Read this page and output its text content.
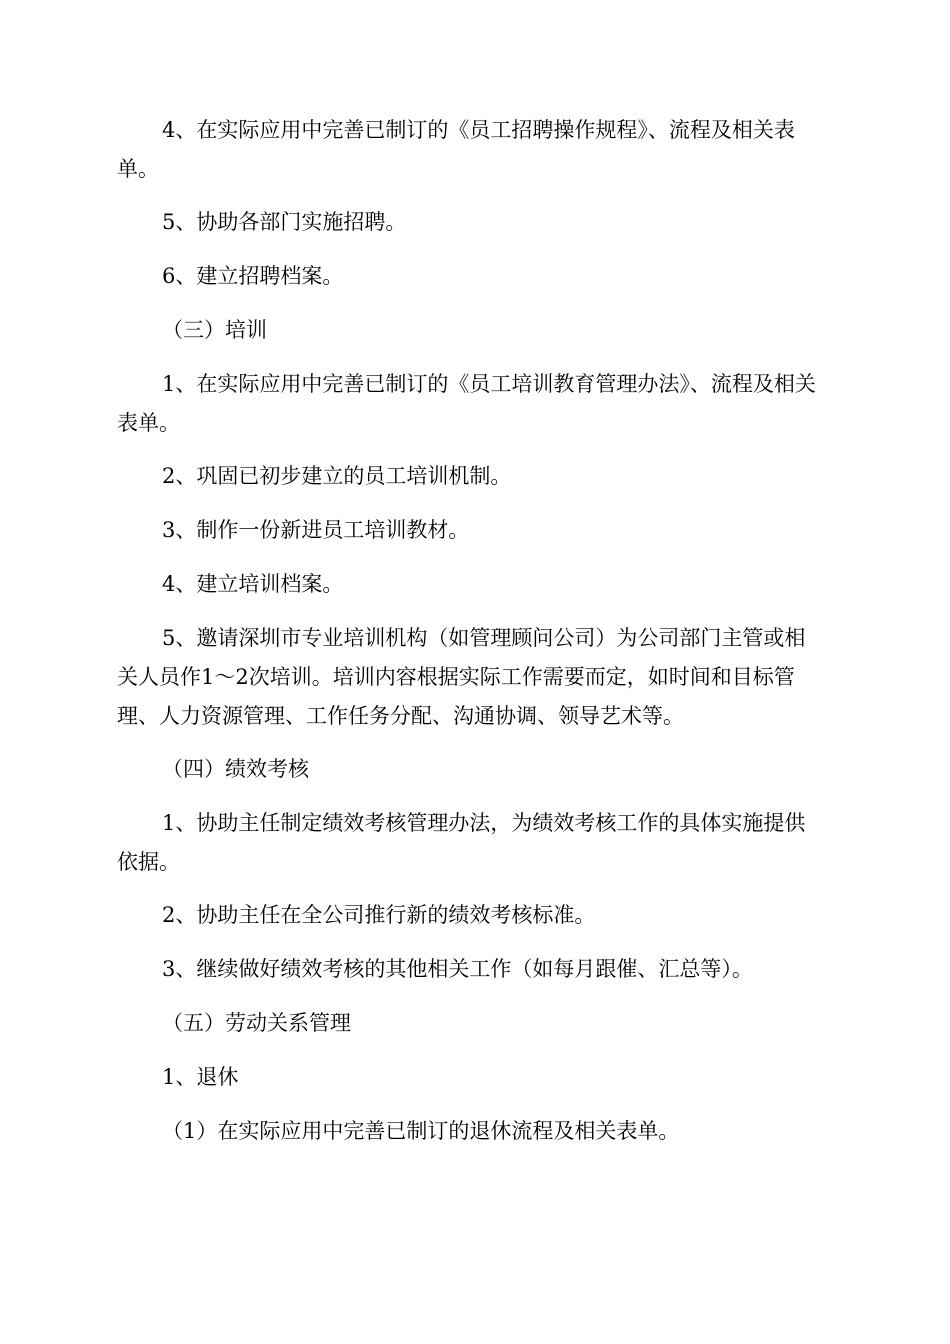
4、在实际应用中完善已制订的《员工招聘操作规程》、流程及相关表单。

5、协助各部门实施招聘。

6、建立招聘档案。

（三）培训

1、在实际应用中完善已制订的《员工培训教育管理办法》、流程及相关表单。

2、巩固已初步建立的员工培训机制。

3、制作一份新进员工培训教材。

4、建立培训档案。

5、邀请深圳市专业培训机构（如管理顾问公司）为公司部门主管或相关人员作1～2次培训。培训内容根据实际工作需要而定，如时间和目标管理、人力资源管理、工作任务分配、沟通协调、领导艺术等。

（四）绩效考核

1、协助主任制定绩效考核管理办法，为绩效考核工作的具体实施提供依据。

2、协助主任在全公司推行新的绩效考核标准。

3、继续做好绩效考核的其他相关工作（如每月跟催、汇总等）。

（五）劳动关系管理

1、退休

（1）在实际应用中完善已制订的退休流程及相关表单。
